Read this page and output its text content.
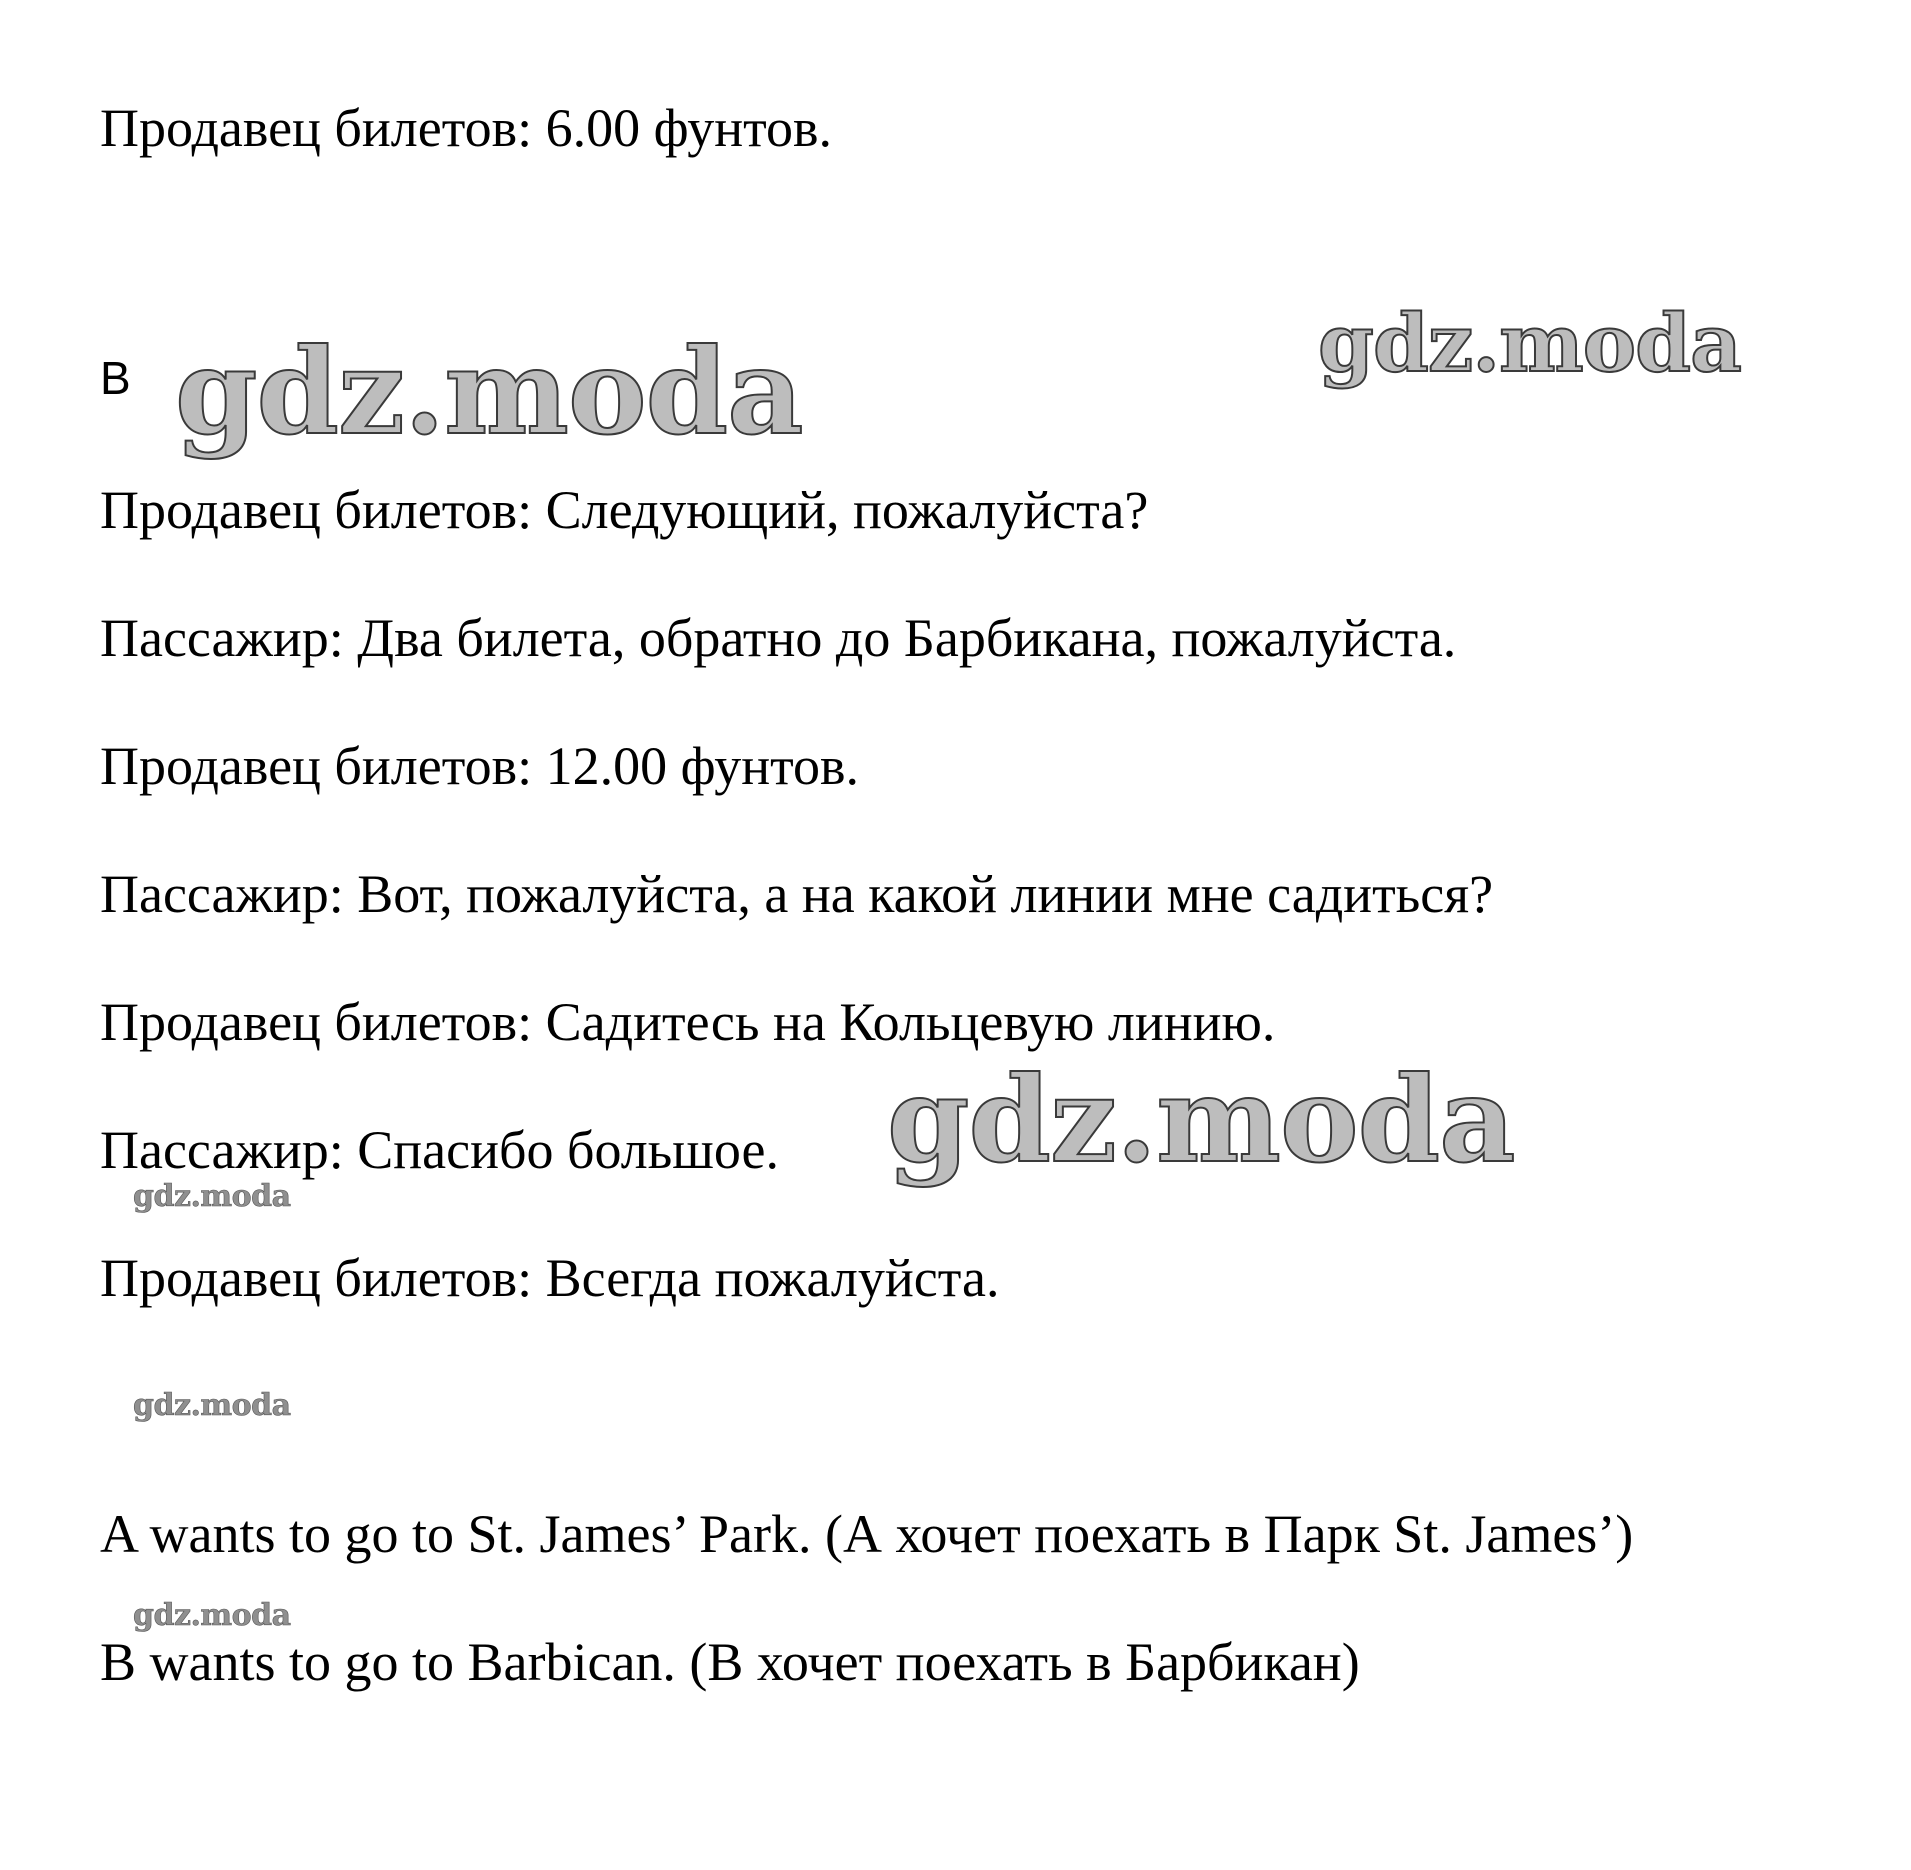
Продавец билетов: 6.00 фунтов.
B
Продавец билетов: Следующий, пожалуйста?
Пассажир: Два билета, обратно до Барбикана, пожалуйста.
Продавец билетов: 12.00 фунтов.
Пассажир: Вот, пожалуйста, а на какой линии мне садиться?
Продавец билетов: Садитесь на Кольцевую линию.
Пассажир: Спасибо большое.
Продавец билетов: Всегда пожалуйста.
A wants to go to St. James’ Park. (А хочет поехать в Парк St. James’)
B wants to go to Barbican. (В хочет поехать в Барбикан)
gdz.moda	gdz.moda
gdz.moda
gdz.moda
gdz.moda
gdz.moda
